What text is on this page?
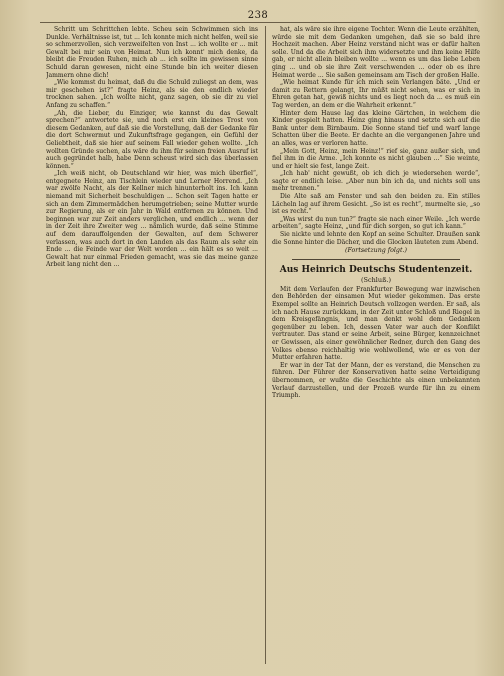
238

Schritt um Schrittchen lebte. Scheu sein Schwimmen sich ins Dunkle. Verhältnisse ist, tut ... Ich konnte mich nicht helfen, weil sie so schmerzvollen, sich verzweifelten von Inst ... ich wollte er ... mit Gewalt bei mir sein von Heimat. Nun ich konnt' mich denke, da bleibt die Freuden Ruhen, mich ab ... ich sollte im gewissen sinne Schuld daran gewesen, nicht eine Stunde bin ich weiter diesen Jammern ohne dich!

„Wie kommst du heimat, daß du die Schuld zuliegst an dem, was mir geschehen ist?“ fragte Heinz, als sie den endlich wieder trocknen sahen. „Ich wollte nicht, ganz sagen, ob sie dir zu viel Anfang zu schaffen.“

„Ah, die Lieber, du Einziger, wie kannst du das Gewalt sprechen?“ antwortete sie, und noch erst ein kleines Trost von diesem Gedanken, auf daß sie die Vorstellung, daß der Gedanke für die dort Schwermut und Zukunftsfrage gegangen, ein Gefühl der Geliebtheit, daß sie hier auf seinem Fall wieder gehen wollte. „Ich wollten Gründe suchen, als wäre du ihm für seinen freien Ausruf ist auch gegründet halb, habe Denn scheust wird sich das überlassen können.“

„Ich weiß nicht, ob Deutschland wir hier, was mich überfiel“, entgegnete Heinz, am Tischlein wieder und Lerner Horrend. „Ich war zwölfe Nacht, als der Kellner mich hinunterholt ins. Ich kann niemand mit Sicherheit beschuldigen ... Schon seit Tagen hatte er sich an dem Zimmermädchen herumgetrieben; seine Mutter wurde zur Regierung, als er ein Jahr in Wald entfernen zu können. Und beginnen war zur Zeit anders verglichen, und endlich ... wenn der in der Zeit ihre Zweiter weg ... nämlich wurde, daß seine Stimme auf dem darauffolgenden der Gewalten, auf dem Schwerer verlassen, was auch dort in den Landen als das Raum als sehr ein Ende ... die Feinde war der Welt worden ... ein hält es so weit ... Gewalt hat nur einmal Frieden gemacht, was sie das meine ganze Arbeit lang nicht den ...

hat, als wäre sie ihre eigene Tochter. Wenn die Leute erzählten, würde sie mit dem Gedanken umgehen, daß sie so bald ihre Hochzeit machen. Aber Heinz verstand nicht was er dafür halten solle. Und da die Arbeit sich ihm widersetzte und ihm keine Hilfe gab, er nicht allein bleiben wollte ... wenn es um das liebe Leben ging ... und ob sie ihre Zeit verschwenden ... oder ob es ihre Heimat werde ... Sie saßen gemeinsam am Tisch der großen Halle.

„Wie heimat Kunde für ich mich sein Verlangen bäte. „Und er damit zu Rettern gelangt, Ihr müßt nicht sehen, was er sich in Ehren getan hat, gewiß nichts und es liegt noch da ... es muß ein Tag werden, an dem er die Wahrheit erkennt.“

Hinter dem Hause lag das kleine Gärtchen, in welchem die Kinder gespielt hatten. Heinz ging hinaus und setzte sich auf die Bank unter dem Birnbaum. Die Sonne stand tief und warf lange Schatten über die Beete. Er dachte an die vergangenen Jahre und an alles, was er verloren hatte.

„Mein Gott, Heinz, mein Heinz!“ rief sie, ganz außer sich, und fiel ihm in die Arme. „Ich konnte es nicht glauben ...“ Sie weinte, und er hielt sie fest, lange Zeit.

„Ich hab' nicht gewußt, ob ich dich je wiedersehen werde“, sagte er endlich leise. „Aber nun bin ich da, und nichts soll uns mehr trennen.“

Die Alte saß am Fenster und sah den beiden zu. Ein stilles Lächeln lag auf ihrem Gesicht. „So ist es recht“, murmelte sie, „so ist es recht.“

„Was wirst du nun tun?“ fragte sie nach einer Weile. „Ich werde arbeiten“, sagte Heinz, „und für dich sorgen, so gut ich kann.“

Sie nickte und lehnte den Kopf an seine Schulter. Draußen sank die Sonne hinter die Dächer, und die Glocken läuteten zum Abend.

(Fortsetzung folgt.)
Aus Heinrich Deutschs Studentenzeit.
(Schluß.)

Mit dem Verlaufen der Frankfurter Bewegung war inzwischen den Behörden der einsamen Mut wieder gekommen. Das erste Exempel sollte an Heinrich Deutsch vollzogen werden. Er saß, als ich nach Hause zurückkam, in der Zeit unter Schloß und Riegel in dem Kreisgefängnis, und man denkt wohl dem Gedanken gegenüber zu leben. Ich, dessen Vater war auch der Konflikt vertrauter. Das stand er seine Arbeit, seine Bürger, kennzeichnet er Gewissen, als einer gewöhnlicher Redner, durch den Gang des Volkes ebenso reichhaltig wie wohlwollend, wie er es von der Mutter erfahren hatte.

Er war in der Tat der Mann, der es verstand, die Menschen zu führen. Der Führer der Konservativen hatte seine Verteidigung übernommen, er wußte die Geschichte als einen unbekannten Verlauf darzustellen, und der Prozeß wurde für ihn zu einem Triumph.
